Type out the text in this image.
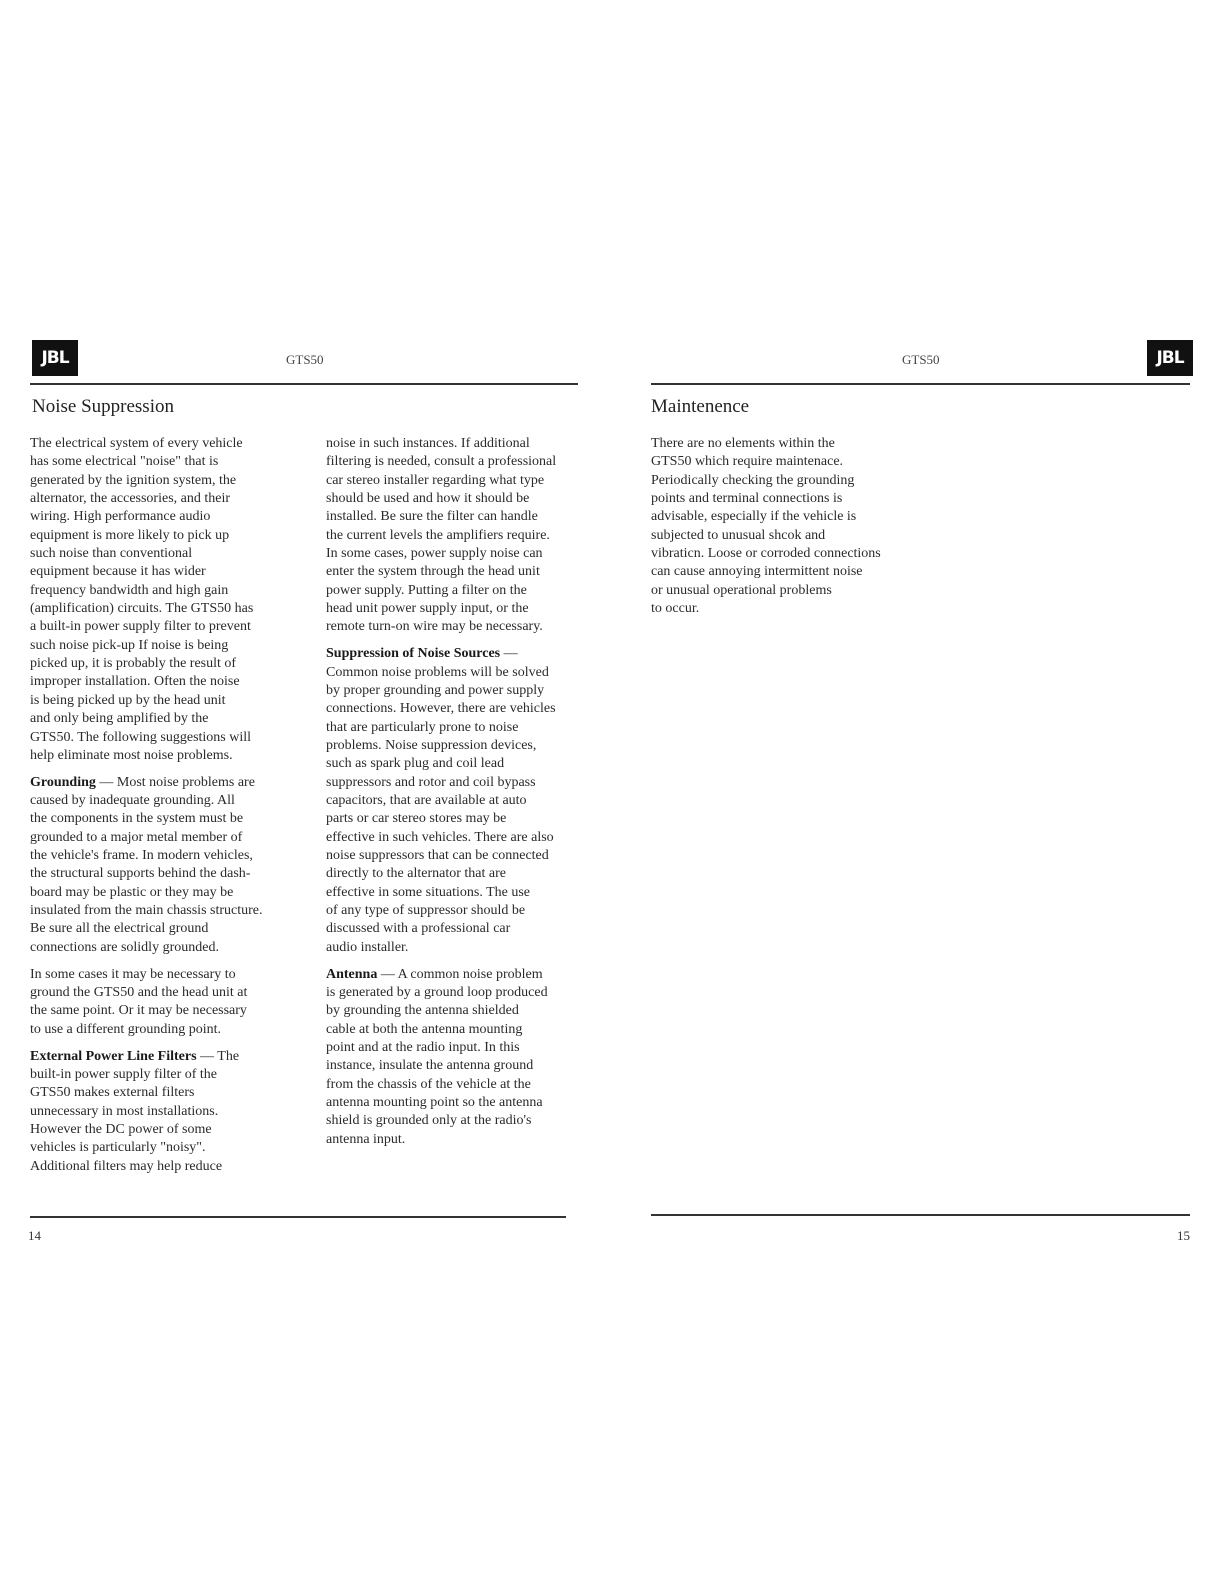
JBL	GTS50
Noise Suppression

The electrical system of every vehicle
has some electrical "noise" that is
generated by the ignition system, the
alternator, the accessories, and their
wiring. High performance audio
equipment is more likely to pick up
such noise than conventional
equipment because it has wider
frequency bandwidth and high gain
(amplification) circuits. The GTS50 has
a built-in power supply filter to prevent
such noise pick-up If noise is being
picked up, it is probably the result of
improper installation. Often the noise
is being picked up by the head unit
and only being amplified by the
GTS50. The following suggestions will
help eliminate most noise problems.

Grounding — Most noise problems are
caused by inadequate grounding. All
the components in the system must be
grounded to a major metal member of
the vehicle's frame. In modern vehicles,
the structural supports behind the dash-
board may be plastic or they may be
insulated from the main chassis structure.
Be sure all the electrical ground
connections are solidly grounded.

In some cases it may be necessary to
ground the GTS50 and the head unit at
the same point. Or it may be necessary
to use a different grounding point.

External Power Line Filters — The
built-in power supply filter of the
GTS50 makes external filters
unnecessary in most installations.
However the DC power of some
vehicles is particularly "noisy".
Additional filters may help reduce

noise in such instances. If additional
filtering is needed, consult a professional
car stereo installer regarding what type
should be used and how it should be
installed. Be sure the filter can handle
the current levels the amplifiers require.
In some cases, power supply noise can
enter the system through the head unit
power supply. Putting a filter on the
head unit power supply input, or the
remote turn-on wire may be necessary.

Suppression of Noise Sources —
Common noise problems will be solved
by proper grounding and power supply
connections. However, there are vehicles
that are particularly prone to noise
problems. Noise suppression devices,
such as spark plug and coil lead
suppressors and rotor and coil bypass
capacitors, that are available at auto
parts or car stereo stores may be
effective in such vehicles. There are also
noise suppressors that can be connected
directly to the alternator that are
effective in some situations. The use
of any type of suppressor should be
discussed with a professional car
audio installer.

Antenna — A common noise problem
is generated by a ground loop produced
by grounding the antenna shielded
cable at both the antenna mounting
point and at the radio input. In this
instance, insulate the antenna ground
from the chassis of the vehicle at the
antenna mounting point so the antenna
shield is grounded only at the radio's
antenna input.

14
GTS50	JBL
Maintenence

There are no elements within the
GTS50 which require maintenace.
Periodically checking the grounding
points and terminal connections is
advisable, especially if the vehicle is
subjected to unusual shcok and
vibraticn. Loose or corroded connections
can cause annoying intermittent noise
or unusual operational problems
to occur.

15
